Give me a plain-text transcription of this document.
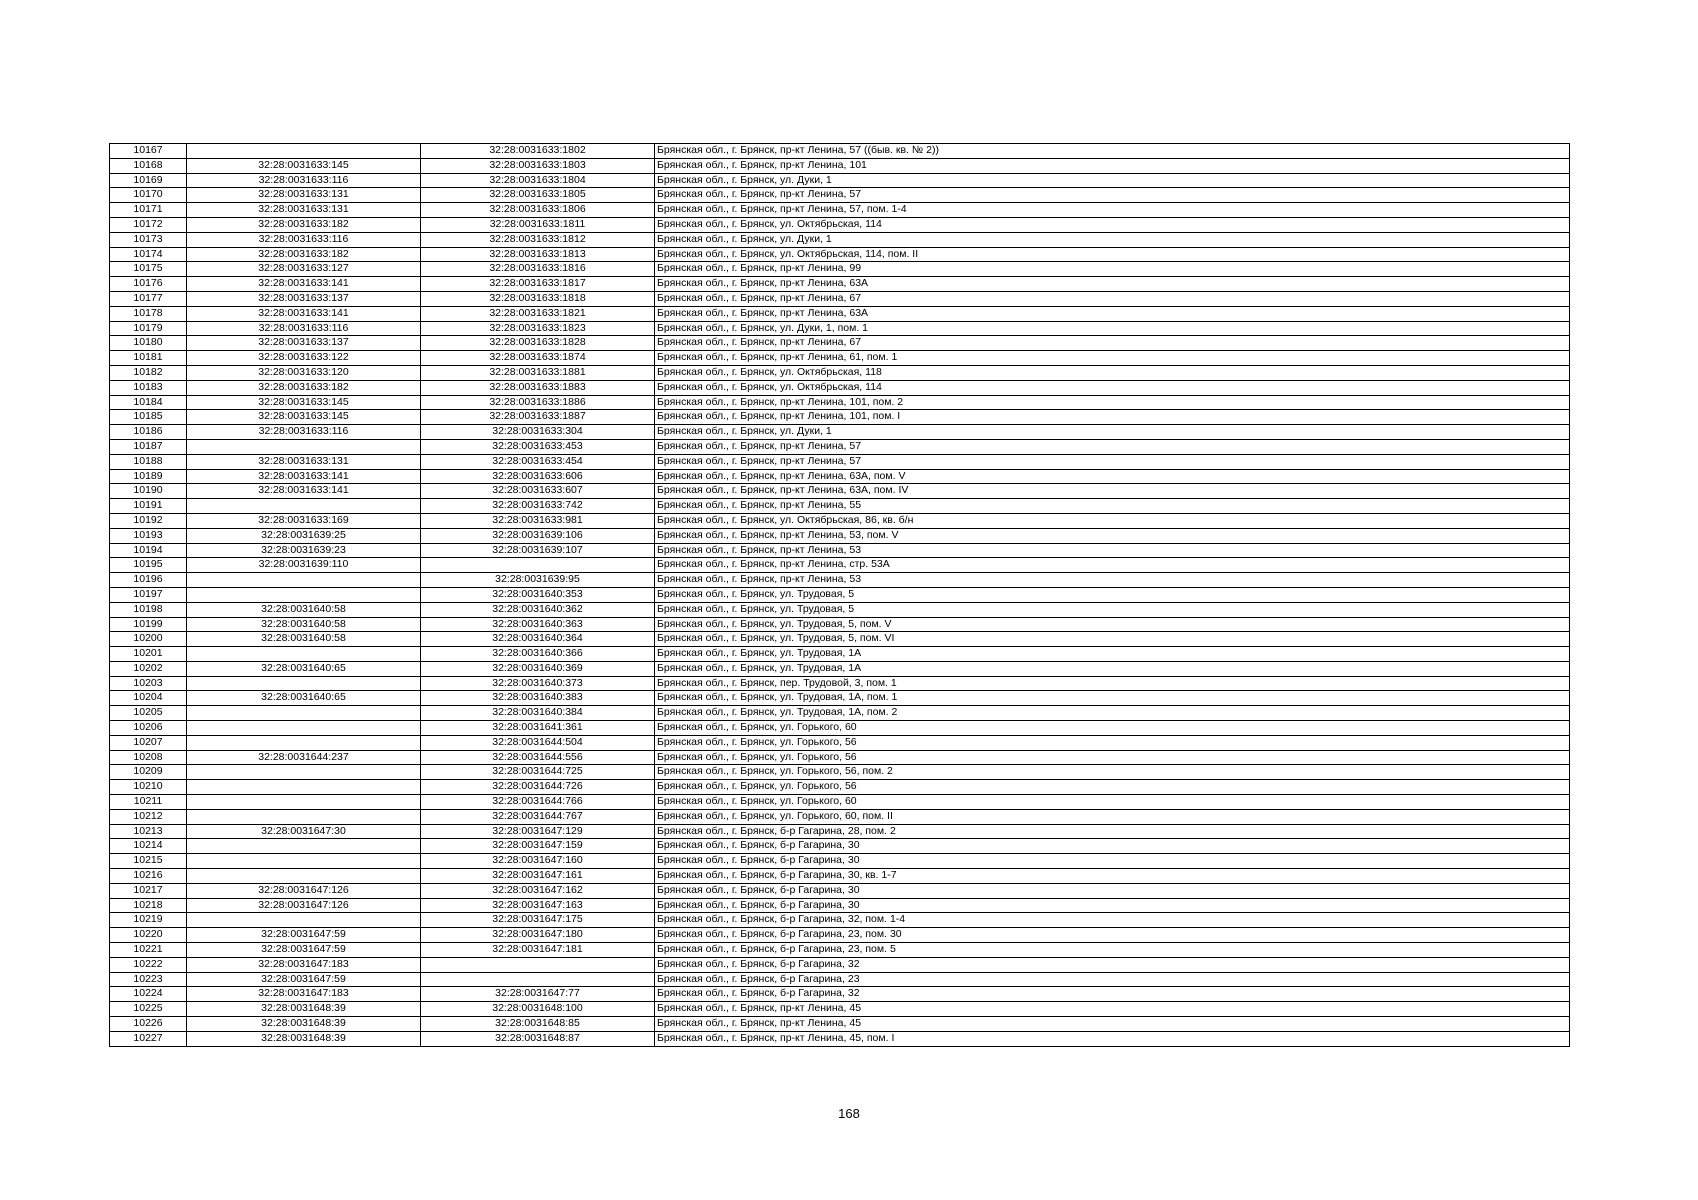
10167		32:28:0031633:1802	Брянская обл., г. Брянск, пр-кт Ленина, 57 ((быв. кв. № 2))
10168	32:28:0031633:145	32:28:0031633:1803	Брянская обл., г. Брянск, пр-кт Ленина, 101
10169	32:28:0031633:116	32:28:0031633:1804	Брянская обл., г. Брянск, ул. Дуки, 1
10170	32:28:0031633:131	32:28:0031633:1805	Брянская обл., г. Брянск, пр-кт Ленина, 57
10171	32:28:0031633:131	32:28:0031633:1806	Брянская обл., г. Брянск, пр-кт Ленина, 57, пом. 1-4
10172	32:28:0031633:182	32:28:0031633:1811	Брянская обл., г. Брянск, ул. Октябрьская, 114
10173	32:28:0031633:116	32:28:0031633:1812	Брянская обл., г. Брянск, ул. Дуки, 1
10174	32:28:0031633:182	32:28:0031633:1813	Брянская обл., г. Брянск, ул. Октябрьская, 114, пом. II
10175	32:28:0031633:127	32:28:0031633:1816	Брянская обл., г. Брянск, пр-кт Ленина, 99
10176	32:28:0031633:141	32:28:0031633:1817	Брянская обл., г. Брянск, пр-кт Ленина, 63А
10177	32:28:0031633:137	32:28:0031633:1818	Брянская обл., г. Брянск, пр-кт Ленина, 67
10178	32:28:0031633:141	32:28:0031633:1821	Брянская обл., г. Брянск, пр-кт Ленина, 63А
10179	32:28:0031633:116	32:28:0031633:1823	Брянская обл., г. Брянск, ул. Дуки, 1, пом. 1
10180	32:28:0031633:137	32:28:0031633:1828	Брянская обл., г. Брянск, пр-кт Ленина, 67
10181	32:28:0031633:122	32:28:0031633:1874	Брянская обл., г. Брянск, пр-кт Ленина, 61, пом. 1
10182	32:28:0031633:120	32:28:0031633:1881	Брянская обл., г. Брянск, ул. Октябрьская, 118
10183	32:28:0031633:182	32:28:0031633:1883	Брянская обл., г. Брянск, ул. Октябрьская, 114
10184	32:28:0031633:145	32:28:0031633:1886	Брянская обл., г. Брянск, пр-кт Ленина, 101, пом. 2
10185	32:28:0031633:145	32:28:0031633:1887	Брянская обл., г. Брянск, пр-кт Ленина, 101, пом. I
10186	32:28:0031633:116	32:28:0031633:304	Брянская обл., г. Брянск, ул. Дуки, 1
10187		32:28:0031633:453	Брянская обл., г. Брянск, пр-кт Ленина, 57
10188	32:28:0031633:131	32:28:0031633:454	Брянская обл., г. Брянск, пр-кт Ленина, 57
10189	32:28:0031633:141	32:28:0031633:606	Брянская обл., г. Брянск, пр-кт Ленина, 63А, пом. V
10190	32:28:0031633:141	32:28:0031633:607	Брянская обл., г. Брянск, пр-кт Ленина, 63А, пом. IV
10191		32:28:0031633:742	Брянская обл., г. Брянск, пр-кт Ленина, 55
10192	32:28:0031633:169	32:28:0031633:981	Брянская обл., г. Брянск, ул. Октябрьская, 86, кв. б/н
10193	32:28:0031639:25	32:28:0031639:106	Брянская обл., г. Брянск, пр-кт Ленина, 53, пом. V
10194	32:28:0031639:23	32:28:0031639:107	Брянская обл., г. Брянск, пр-кт Ленина, 53
10195	32:28:0031639:110		Брянская обл., г. Брянск, пр-кт Ленина, стр. 53А
10196		32:28:0031639:95	Брянская обл., г. Брянск, пр-кт Ленина, 53
10197		32:28:0031640:353	Брянская обл., г. Брянск, ул. Трудовая, 5
10198	32:28:0031640:58	32:28:0031640:362	Брянская обл., г. Брянск, ул. Трудовая, 5
10199	32:28:0031640:58	32:28:0031640:363	Брянская обл., г. Брянск, ул. Трудовая, 5, пом. V
10200	32:28:0031640:58	32:28:0031640:364	Брянская обл., г. Брянск, ул. Трудовая, 5, пом. VI
10201		32:28:0031640:366	Брянская обл., г. Брянск, ул. Трудовая, 1А
10202	32:28:0031640:65	32:28:0031640:369	Брянская обл., г. Брянск, ул. Трудовая, 1А
10203		32:28:0031640:373	Брянская обл., г. Брянск, пер. Трудовой, 3, пом. 1
10204	32:28:0031640:65	32:28:0031640:383	Брянская обл., г. Брянск, ул. Трудовая, 1А, пом. 1
10205		32:28:0031640:384	Брянская обл., г. Брянск, ул. Трудовая, 1А, пом. 2
10206		32:28:0031641:361	Брянская обл., г. Брянск, ул. Горького, 60
10207		32:28:0031644:504	Брянская обл., г. Брянск, ул. Горького, 56
10208	32:28:0031644:237	32:28:0031644:556	Брянская обл., г. Брянск, ул. Горького, 56
10209		32:28:0031644:725	Брянская обл., г. Брянск, ул. Горького, 56, пом. 2
10210		32:28:0031644:726	Брянская обл., г. Брянск, ул. Горького, 56
10211		32:28:0031644:766	Брянская обл., г. Брянск, ул. Горького, 60
10212		32:28:0031644:767	Брянская обл., г. Брянск, ул. Горького, 60, пом. II
10213	32:28:0031647:30	32:28:0031647:129	Брянская обл., г. Брянск, б-р Гагарина, 28, пом. 2
10214		32:28:0031647:159	Брянская обл., г. Брянск, б-р Гагарина, 30
10215		32:28:0031647:160	Брянская обл., г. Брянск, б-р Гагарина, 30
10216		32:28:0031647:161	Брянская обл., г. Брянск, б-р Гагарина, 30, кв. 1-7
10217	32:28:0031647:126	32:28:0031647:162	Брянская обл., г. Брянск, б-р Гагарина, 30
10218	32:28:0031647:126	32:28:0031647:163	Брянская обл., г. Брянск, б-р Гагарина, 30
10219		32:28:0031647:175	Брянская обл., г. Брянск, б-р Гагарина, 32, пом. 1-4
10220	32:28:0031647:59	32:28:0031647:180	Брянская обл., г. Брянск, б-р Гагарина, 23, пом. 30
10221	32:28:0031647:59	32:28:0031647:181	Брянская обл., г. Брянск, б-р Гагарина, 23, пом. 5
10222	32:28:0031647:183		Брянская обл., г. Брянск, б-р Гагарина, 32
10223	32:28:0031647:59		Брянская обл., г. Брянск, б-р Гагарина, 23
10224	32:28:0031647:183	32:28:0031647:77	Брянская обл., г. Брянск, б-р Гагарина, 32
10225	32:28:0031648:39	32:28:0031648:100	Брянская обл., г. Брянск, пр-кт Ленина, 45
10226	32:28:0031648:39	32:28:0031648:85	Брянская обл., г. Брянск, пр-кт Ленина, 45
10227	32:28:0031648:39	32:28:0031648:87	Брянская обл., г. Брянск, пр-кт Ленина, 45, пом. I
168
